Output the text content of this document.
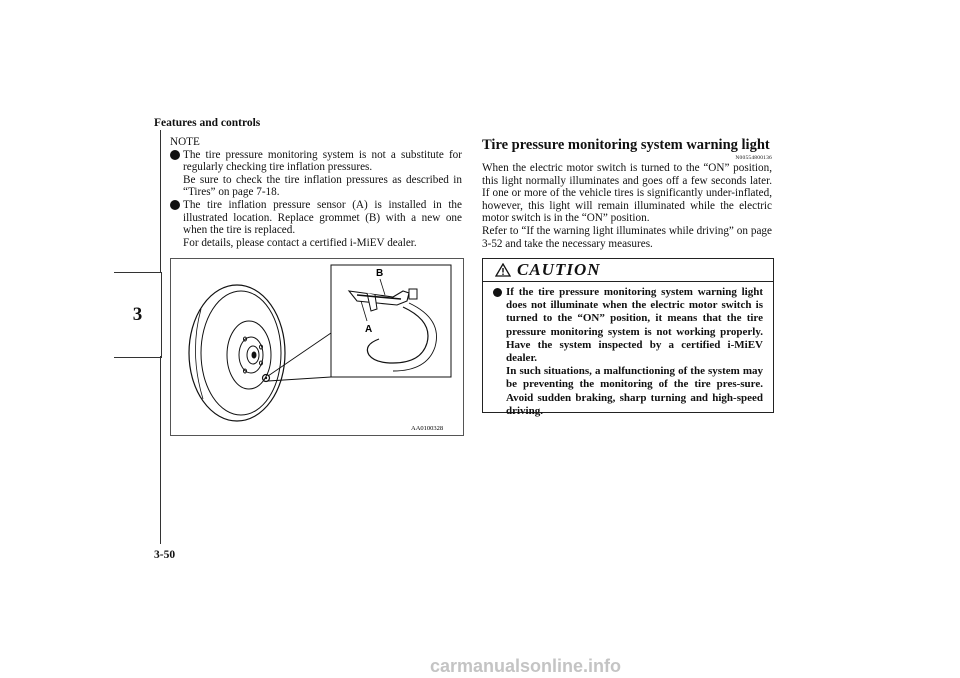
Features and controls
3
NOTE
The tire pressure monitoring system is not a substitute for regularly checking tire inflation pressures.
Be sure to check the tire inflation pressures as described in “Tires” on page 7-18.
The tire inflation pressure sensor (A) is installed in the illustrated location. Replace grommet (B) with a new one when the tire is replaced.
For details, please contact a certified i-MiEV dealer.
B
A
AA0100328
Tire pressure monitoring system warning light
N00554800136
When the electric motor switch is turned to the “ON” position, this light normally illuminates and goes off a few seconds later. If one or more of the vehicle tires is significantly under-inflated, however, this light will remain illuminated while the electric motor switch is in the “ON” position.
Refer to “If the warning light illuminates while driving” on page 3-52 and take the necessary measures.
CAUTION
If the tire pressure monitoring system warning light does not illuminate when the electric motor switch is turned to the “ON” position, it means that the tire pressure monitoring system is not working properly. Have the system inspected by a certified i-MiEV dealer.
In such situations, a malfunctioning of the system may be preventing the monitoring of the tire pres-sure. Avoid sudden braking, sharp turning and high-speed driving.
3-50
carmanualsonline.info
